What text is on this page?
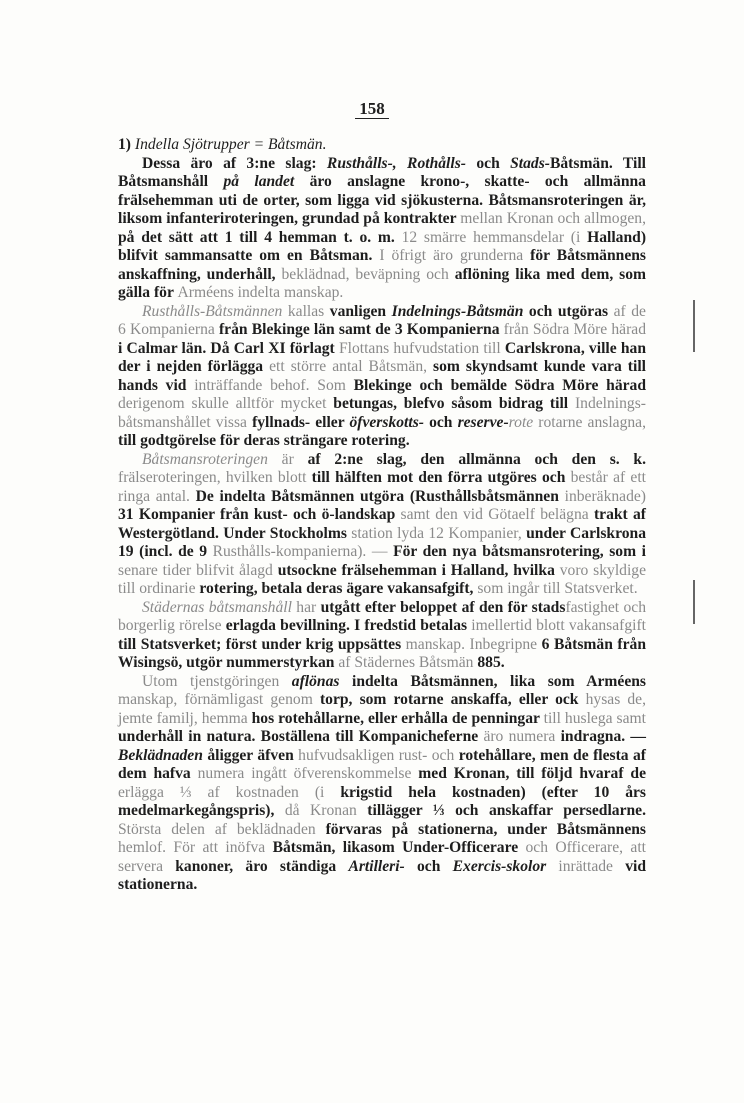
158

1) Indella Sjötrupper = Båtsmän.

Dessa äro af 3:ne slag: Rusthålls-, Rothålls- och Stads-Båtsmän. Till Båtsmanshåll på landet äro anslagne krono-, skatte- och allmänna frälsehemman uti de orter, som ligga vid sjökusterna. Båtsmansroteringen är, liksom infanteriroteringen, grundad på kontrakter mellan Kronan och allmogen, på det sätt att 1 till 4 hemman t. o. m. 12 smärre hemmansdelar (i Halland) blifvit sammansatte om en Båtsman. I öfrigt äro grunderna för Båtsmännens anskaffning, underhåll, beklädnad, beväpning och aflöning lika med dem, som gälla för Arméens indelta manskap.

Rusthålls-Båtsmännen kallas vanligen Indelnings-Båtsmän och utgöras af de 6 Kompanierna från Blekinge län samt de 3 Kompanierna från Södra Möre härad i Calmar län. Då Carl XI förlagt Flottans hufvudstation till Carlskrona, ville han der i nejden förlägga ett större antal Båtsmän, som skyndsamt kunde vara till hands vid inträffande behof. Som Blekinge och bemälde Södra Möre härad derigenom skulle alltför mycket betungas, blefvo såsom bidrag till Indelnings-båtsmanshållet vissa fyllnads- eller öfverskotts- och reserve-rote rotarne anslagna, till godtgörelse för deras strängare rotering.

Båtsmansroteringen är af 2:ne slag, den allmänna och den s. k. frälseroteringen, hvilken blott till hälften mot den förra utgöres och består af ett ringa antal. De indelta Båtsmännen utgöra (Rusthållsbåtsmännen inberäknade) 31 Kompanier från kust- och ö-landskap samt den vid Götaelf belägna trakt af Westergötland. Under Stockholms station lyda 12 Kompanier, under Carlskrona 19 (incl. de 9 Rusthålls-kompanierna). — För den nya båtsmansrotering, som i senare tider blifvit ålagd utsockne frälsehemman i Halland, hvilka voro skyldige till ordinarie rotering, betala deras ägare vakansafgift, som ingår till Statsverket.

Städernas båtsmanshåll har utgått efter beloppet af den för stadsfastighet och borgerlig rörelse erlagda bevillning. I fredstid betalas imellertid blott vakansafgift till Statsverket; först under krig uppsättes manskap. Inbegripne 6 Båtsmän från Wisingsö, utgör nummerstyrkan af Städernes Båtsmän 885.

Utom tjenstgöringen aflönas indelta Båtsmännen, lika som Arméens manskap, förnämligast genom torp, som rotarne anskaffa, eller ock hysas de, jemte familj, hemma hos rotehållarne, eller erhålla de penningar till huslega samt underhåll in natura. Boställena till Kompanicheferne äro numera indragna. — Beklädnaden åligger äfven hufvudsakligen rust- och rotehållare, men de flesta af dem hafva numera ingått öfverenskommelse med Kronan, till följd hvaraf de erlägga ⅓ af kostnaden (i krigstid hela kostnaden) (efter 10 års medelmarkegångspris), då Kronan tillägger ⅓ och anskaffar persedlarne. Största delen af beklädnaden förvaras på stationerna, under Båtsmännens hemlof. För att inöfva Båtsmän, likasom Under-Officerare och Officerare, att servera kanoner, äro ständiga Artilleri- och Exercis-skolor inrättade vid stationerna.
